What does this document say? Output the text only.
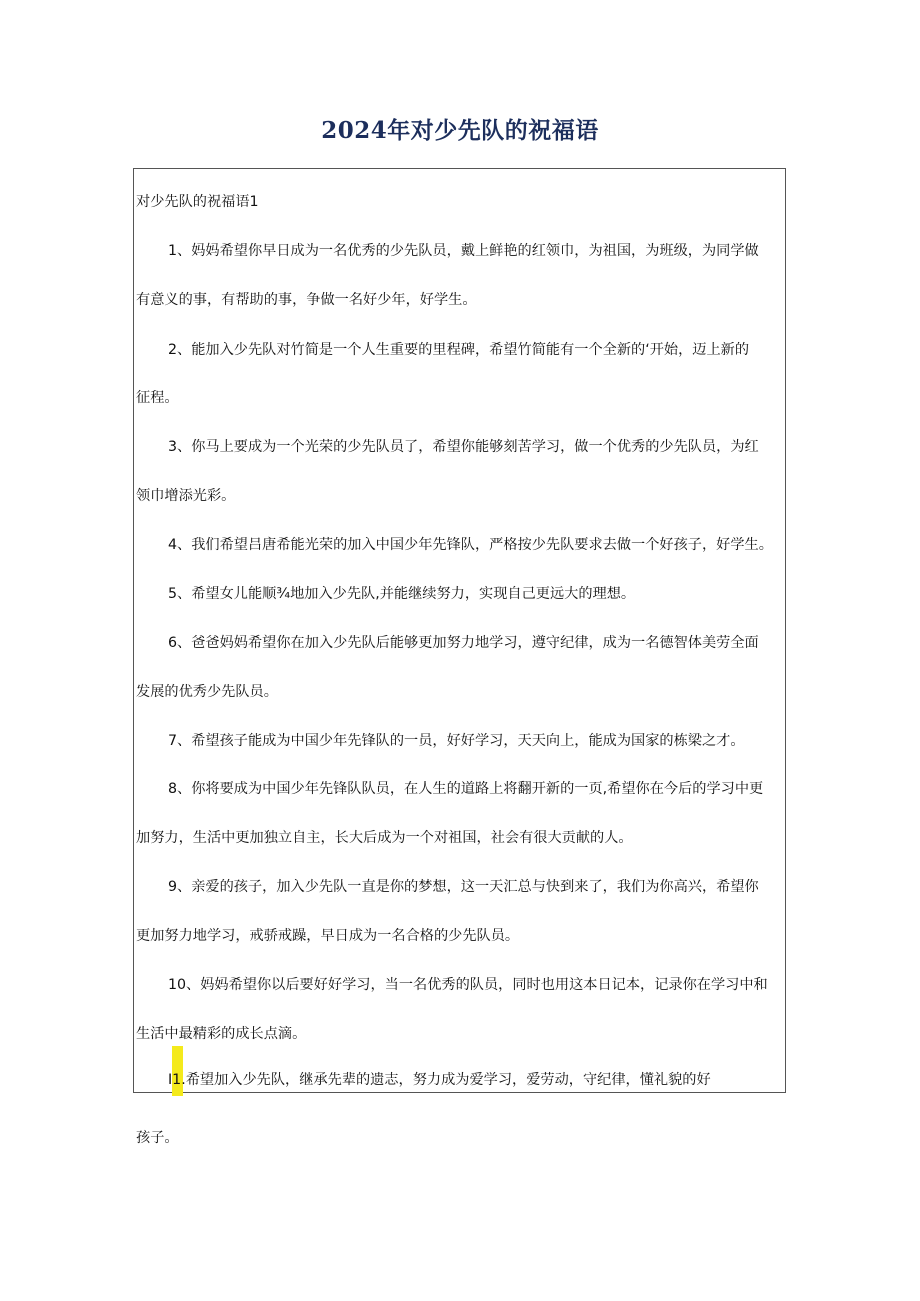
2024年对少先队的祝福语
对少先队的祝福语1
1、妈妈希望你早日成为一名优秀的少先队员，戴上鲜艳的红领巾，为祖国，为班级，为同学做
有意义的事，有帮助的事，争做一名好少年，好学生。
2、能加入少先队对竹简是一个人生重要的里程碑，希望竹简能有一个全新的‘开始，迈上新的
征程。
3、你马上要成为一个光荣的少先队员了，希望你能够刻苦学习，做一个优秀的少先队员，为红
领巾增添光彩。
4、我们希望吕唐希能光荣的加入中国少年先锋队，严格按少先队要求去做一个好孩子，好学生。
5、希望女儿能顺¾地加入少先队,并能继续努力，实现自己更远大的理想。
6、爸爸妈妈希望你在加入少先队后能够更加努力地学习，遵守纪律，成为一名德智体美劳全面
发展的优秀少先队员。
7、希望孩子能成为中国少年先锋队的一员，好好学习，天天向上，能成为国家的栋梁之才。
8、你将要成为中国少年先锋队队员，在人生的道路上将翻开新的一页,希望你在今后的学习中更
加努力，生活中更加独立自主，长大后成为一个对祖国，社会有很大贡献的人。
9、亲爱的孩子，加入少先队一直是你的梦想，这一天汇总与快到来了，我们为你高兴，希望你
更加努力地学习，戒骄戒躁，早日成为一名合格的少先队员。
10、妈妈希望你以后要好好学习，当一名优秀的队员，同时也用这本日记本，记录你在学习中和
生活中最精彩的成长点滴。
I1.希望加入少先队，继承先辈的遗志，努力成为爱学习，爱劳动，守纪律，懂礼貌的好
孩子。
